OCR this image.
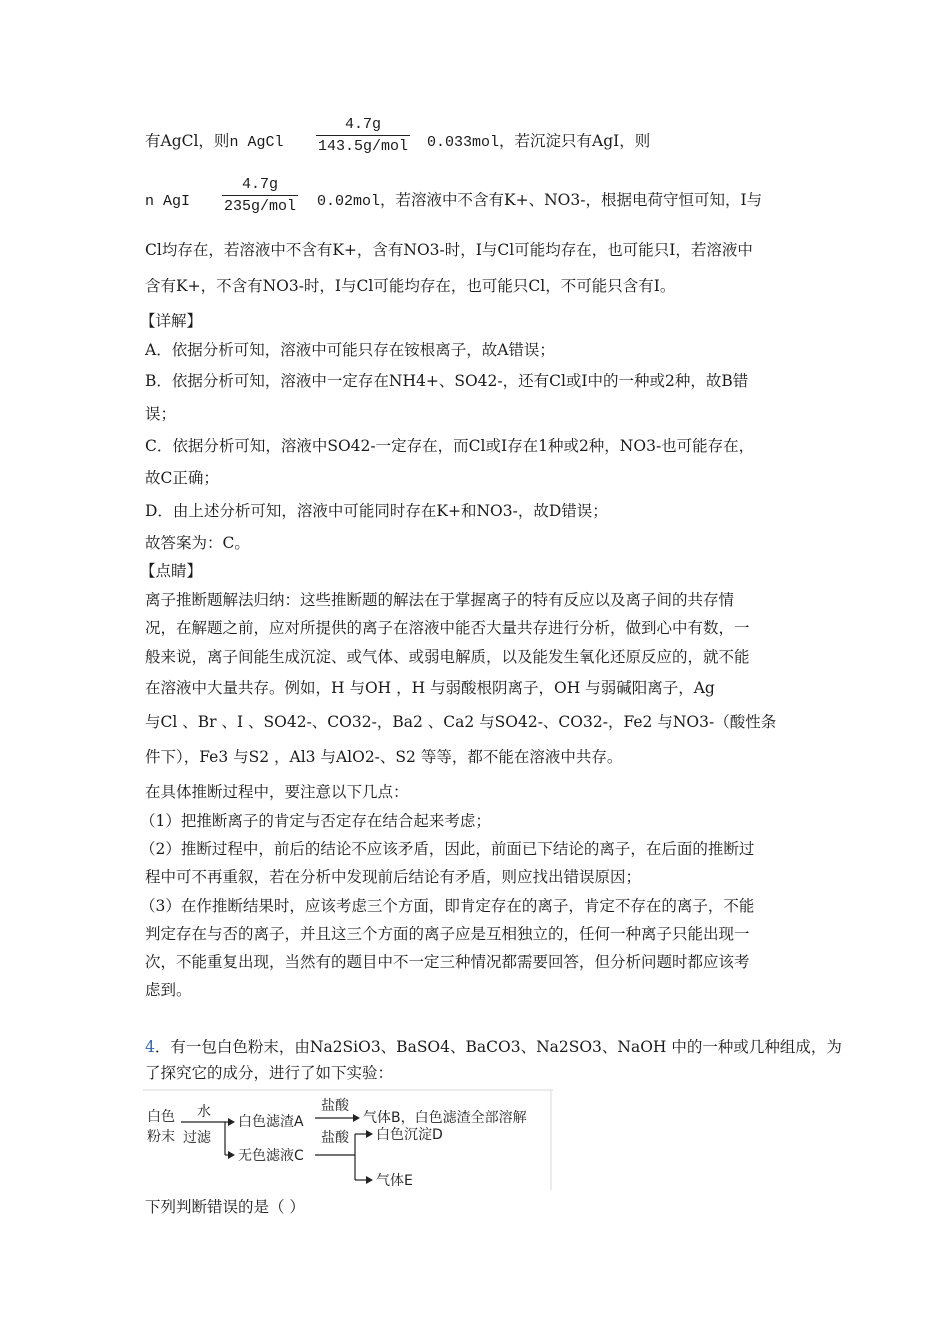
有AgCl，则n AgCl
4.7g
143.5g/mol 0.033mol，若沉淀只有AgI，则
n AgI
4.7g
235g/mol 0.02mol，若溶液中不含有K+、NO3-，根据电荷守恒可知，I与
Cl均存在，若溶液中不含有K+，含有NO3-时，I与Cl可能均存在，也可能只I，若溶液中
含有K+，不含有NO3-时，I与Cl可能均存在，也可能只Cl，不可能只含有I。
【详解】
A．依据分析可知，溶液中可能只存在铵根离子，故A错误；
B．依据分析可知，溶液中一定存在NH4+、SO42-，还有Cl或I中的一种或2种，故B错
误；
C．依据分析可知，溶液中SO42-一定存在，而Cl或I存在1种或2种，NO3-也可能存在，
故C正确；
D．由上述分析可知，溶液中可能同时存在K+和NO3-，故D错误；
故答案为：C。
【点睛】
离子推断题解法归纳：这些推断题的解法在于掌握离子的特有反应以及离子间的共存情
况，在解题之前，应对所提供的离子在溶液中能否大量共存进行分析，做到心中有数，一
般来说，离子间能生成沉淀、或气体、或弱电解质，以及能发生氧化还原反应的，就不能
在溶液中大量共存。例如，H 与OH ，H 与弱酸根阴离子，OH 与弱碱阳离子，Ag
与Cl 、Br 、I 、SO42-、CO32-，Ba2 、Ca2 与SO42-、CO32-，Fe2 与NO3-（酸性条
件下），Fe3 与S2 ，Al3 与AlO2-、S2 等等，都不能在溶液中共存。
在具体推断过程中，要注意以下几点：
（1）把推断离子的肯定与否定存在结合起来考虑；
（2）推断过程中，前后的结论不应该矛盾，因此，前面已下结论的离子，在后面的推断过
程中可不再重叙，若在分析中发现前后结论有矛盾，则应找出错误原因；
（3）在作推断结果时，应该考虑三个方面，即肯定存在的离子，肯定不存在的离子，不能
判定存在与否的离子，并且这三个方面的离子应是互相独立的，任何一种离子只能出现一
次，不能重复出现，当然有的题目中不一定三种情况都需要回答，但分析问题时都应该考
虑到。
4．有一包白色粉末，由Na2SiO3、BaSO4、BaCO3、Na2SO3、NaOH 中的一种或几种组成，为
了探究它的成分，进行了如下实验：
白色
粉末
水
过滤
白色滤渣A
盐酸
气体B，白色滤渣全部溶解
无色滤液C
盐酸 白色沉淀D
气体E
下列判断错误的是（ ）
